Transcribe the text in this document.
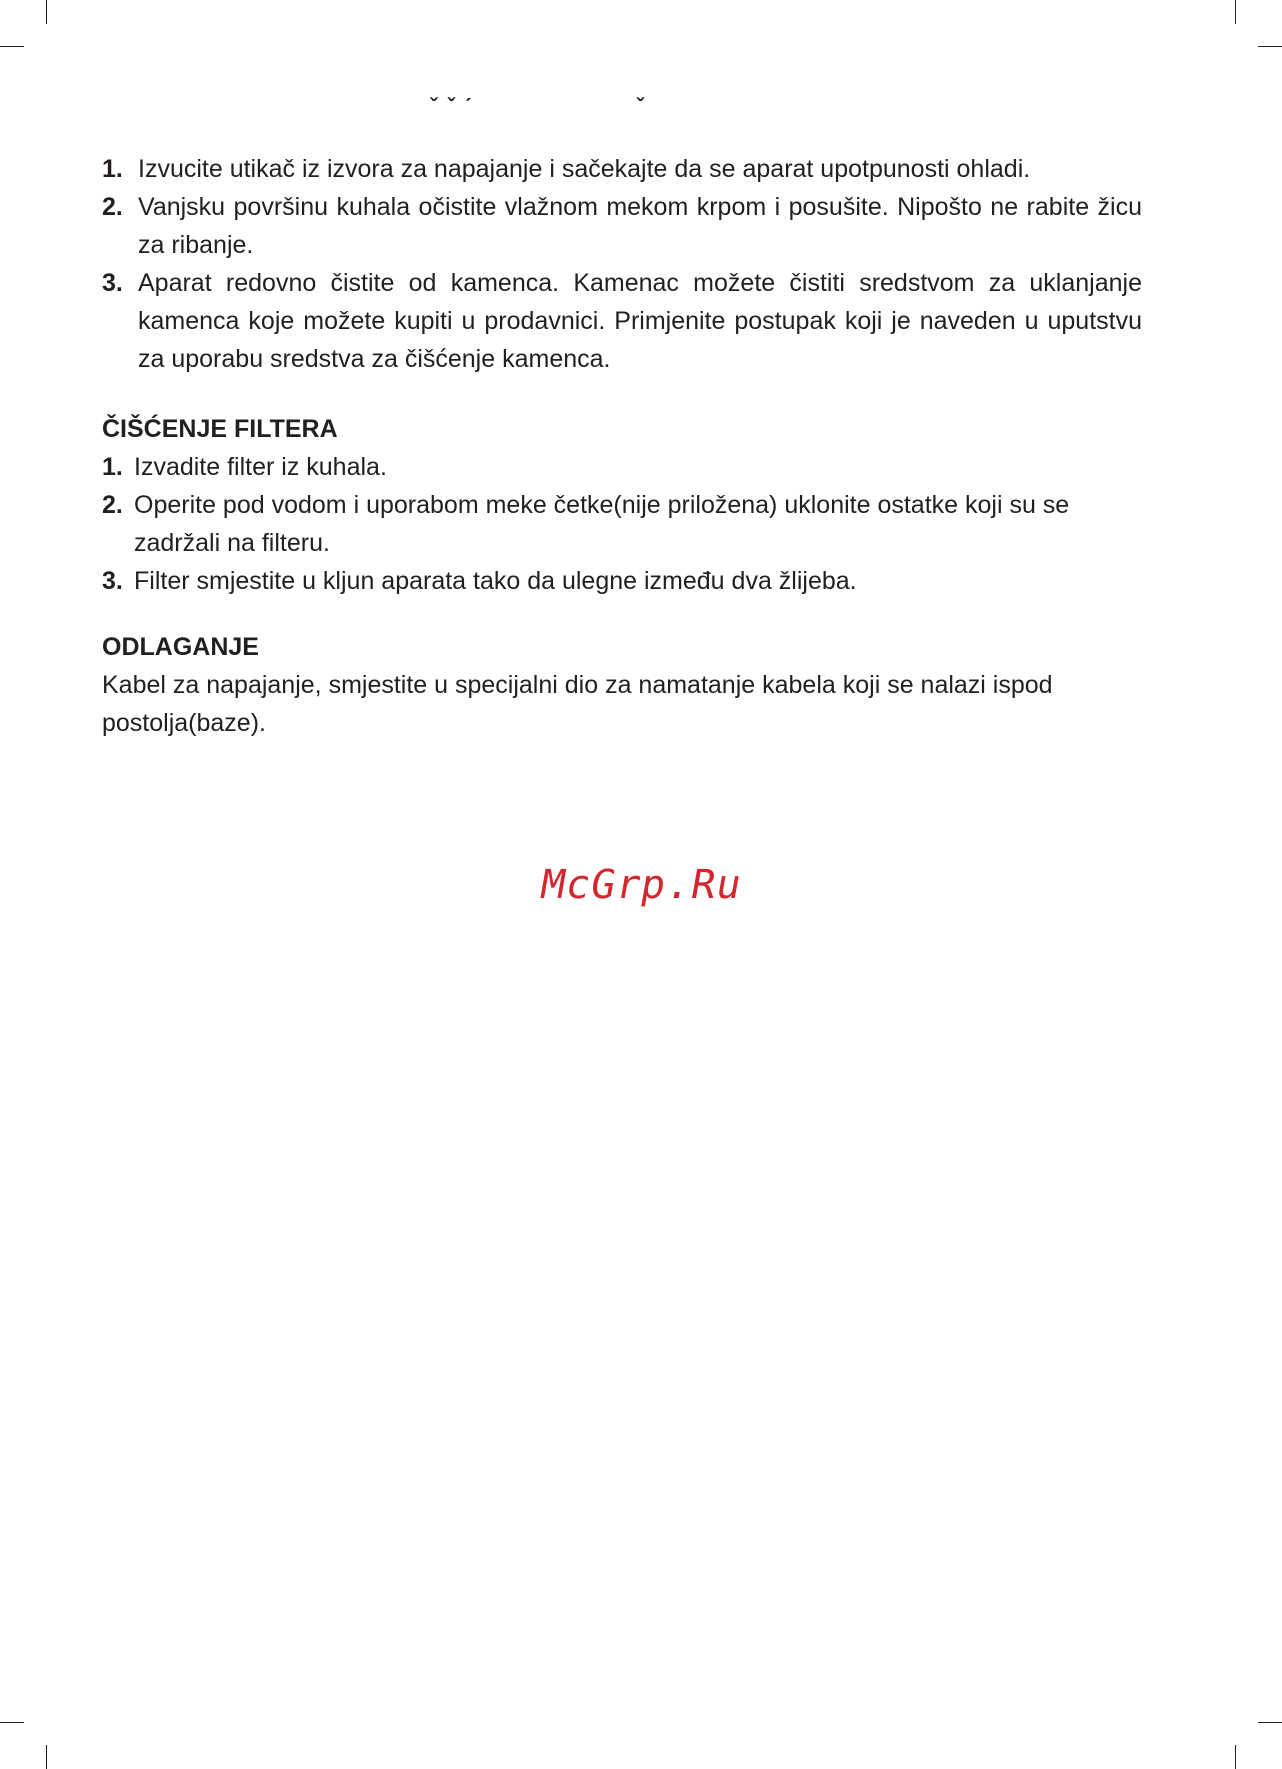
ˇ ˇ ˊ                    ˇ
1. Izvucite utikač iz izvora za napajanje i sačekajte da se aparat upotpunosti ohladi.
2. Vanjsku površinu kuhala očistite vlažnom mekom krpom i posušite. Nipošto ne rabite žicu za ribanje.
3. Aparat redovno čistite od kamenca. Kamenac možete čistiti sredstvom za uklanjanje kamenca koje možete kupiti u prodavnici. Primjenite postupak koji je naveden u uputstvu za uporabu sredstva za čišćenje kamenca.
ČIŠĆENJE FILTERA
1. Izvadite filter iz kuhala.
2. Operite pod vodom i uporabom meke četke(nije priložena) uklonite ostatke koji su se zadržali na filteru.
3. Filter smjestite u kljun aparata tako da ulegne između dva žlijeba.
ODLAGANJE

Kabel za napajanje, smjestite u specijalni dio za namatanje kabela koji se nalazi ispod postolja(baze).

McGrp.Ru
